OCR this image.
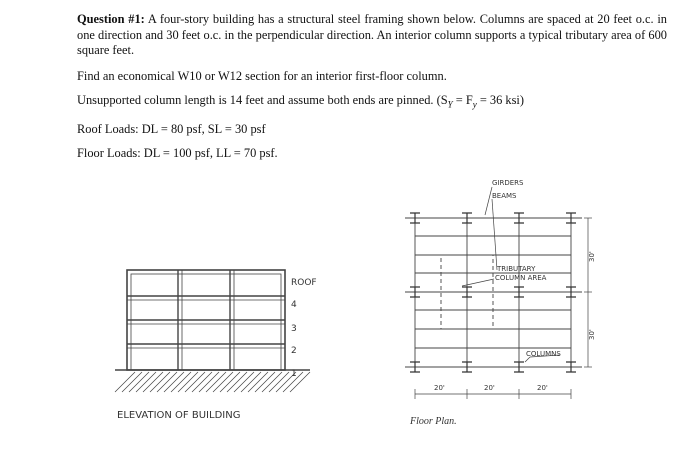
Question #1: A four-story building has a structural steel framing shown below. Columns are spaced at 20 feet o.c. in one direction and 30 feet o.c. in the perpendicular direction. An interior column supports a typical tributary area of 600 square feet.

Find an economical W10 or W12 section for an interior first-floor column.

Unsupported column length is 14 feet and assume both ends are pinned. ($S_Y = F_y = 36$ ksi)

Roof Loads: DL = 80 psf, SL = 30 psf

Floor Loads: DL = 100 psf, LL = 70 psf.

ROOF
4
3
2
1
ELEVATION OF BUILDING
GIRDERS
BEAMS
TRIBUTARY
COLUMN AREA
COLUMNS
20'	20'	20'
30'
30'
Floor Plan.
